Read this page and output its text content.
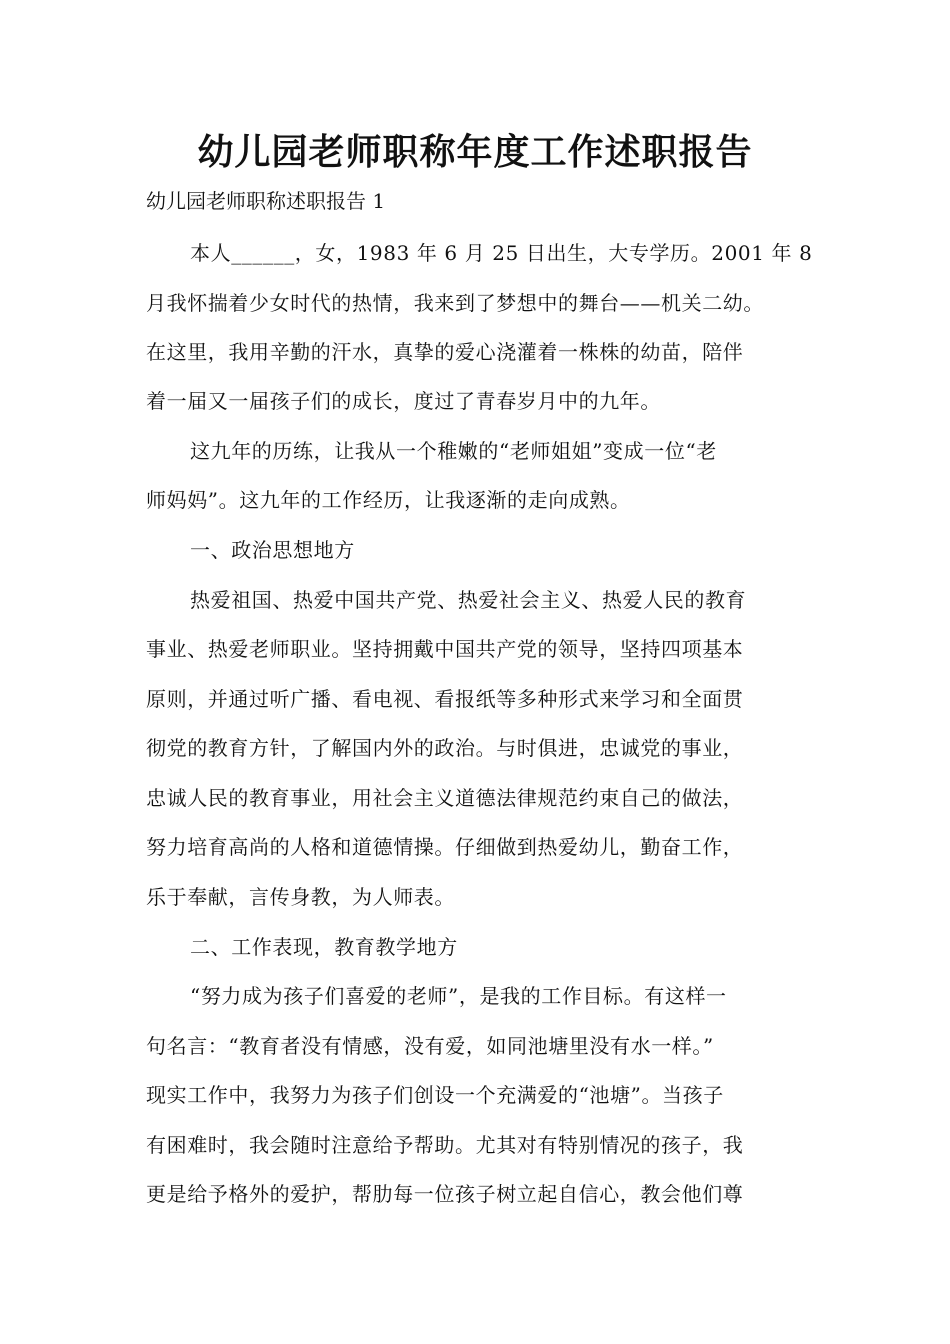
幼儿园老师职称年度工作述职报告
幼儿园老师职称述职报告 1
本人______，女，1983 年 6 月 25 日出生，大专学历。2001 年 8
月我怀揣着少女时代的热情，我来到了梦想中的舞台——机关二幼。
在这里，我用辛勤的汗水，真挚的爱心浇灌着一株株的幼苗，陪伴
着一届又一届孩子们的成长，度过了青春岁月中的九年。
这九年的历练，让我从一个稚嫩的“老师姐姐”变成一位“老
师妈妈”。这九年的工作经历，让我逐渐的走向成熟。
一、政治思想地方
热爱祖国、热爱中国共产党、热爱社会主义、热爱人民的教育
事业、热爱老师职业。坚持拥戴中国共产党的领导，坚持四项基本
原则，并通过听广播、看电视、看报纸等多种形式来学习和全面贯
彻党的教育方针，了解国内外的政治。与时俱进，忠诚党的事业，
忠诚人民的教育事业，用社会主义道德法律规范约束自己的做法，
努力培育高尚的人格和道德情操。仔细做到热爱幼儿，勤奋工作，
乐于奉献，言传身教，为人师表。
二、工作表现，教育教学地方
“努力成为孩子们喜爱的老师”，是我的工作目标。有这样一
句名言：“教育者没有情感，没有爱，如同池塘里没有水一样。”
现实工作中，我努力为孩子们创设一个充满爱的“池塘”。当孩子
有困难时，我会随时注意给予帮助。尤其对有特别情况的孩子，我
更是给予格外的爱护，帮肋每一位孩子树立起自信心，教会他们尊
